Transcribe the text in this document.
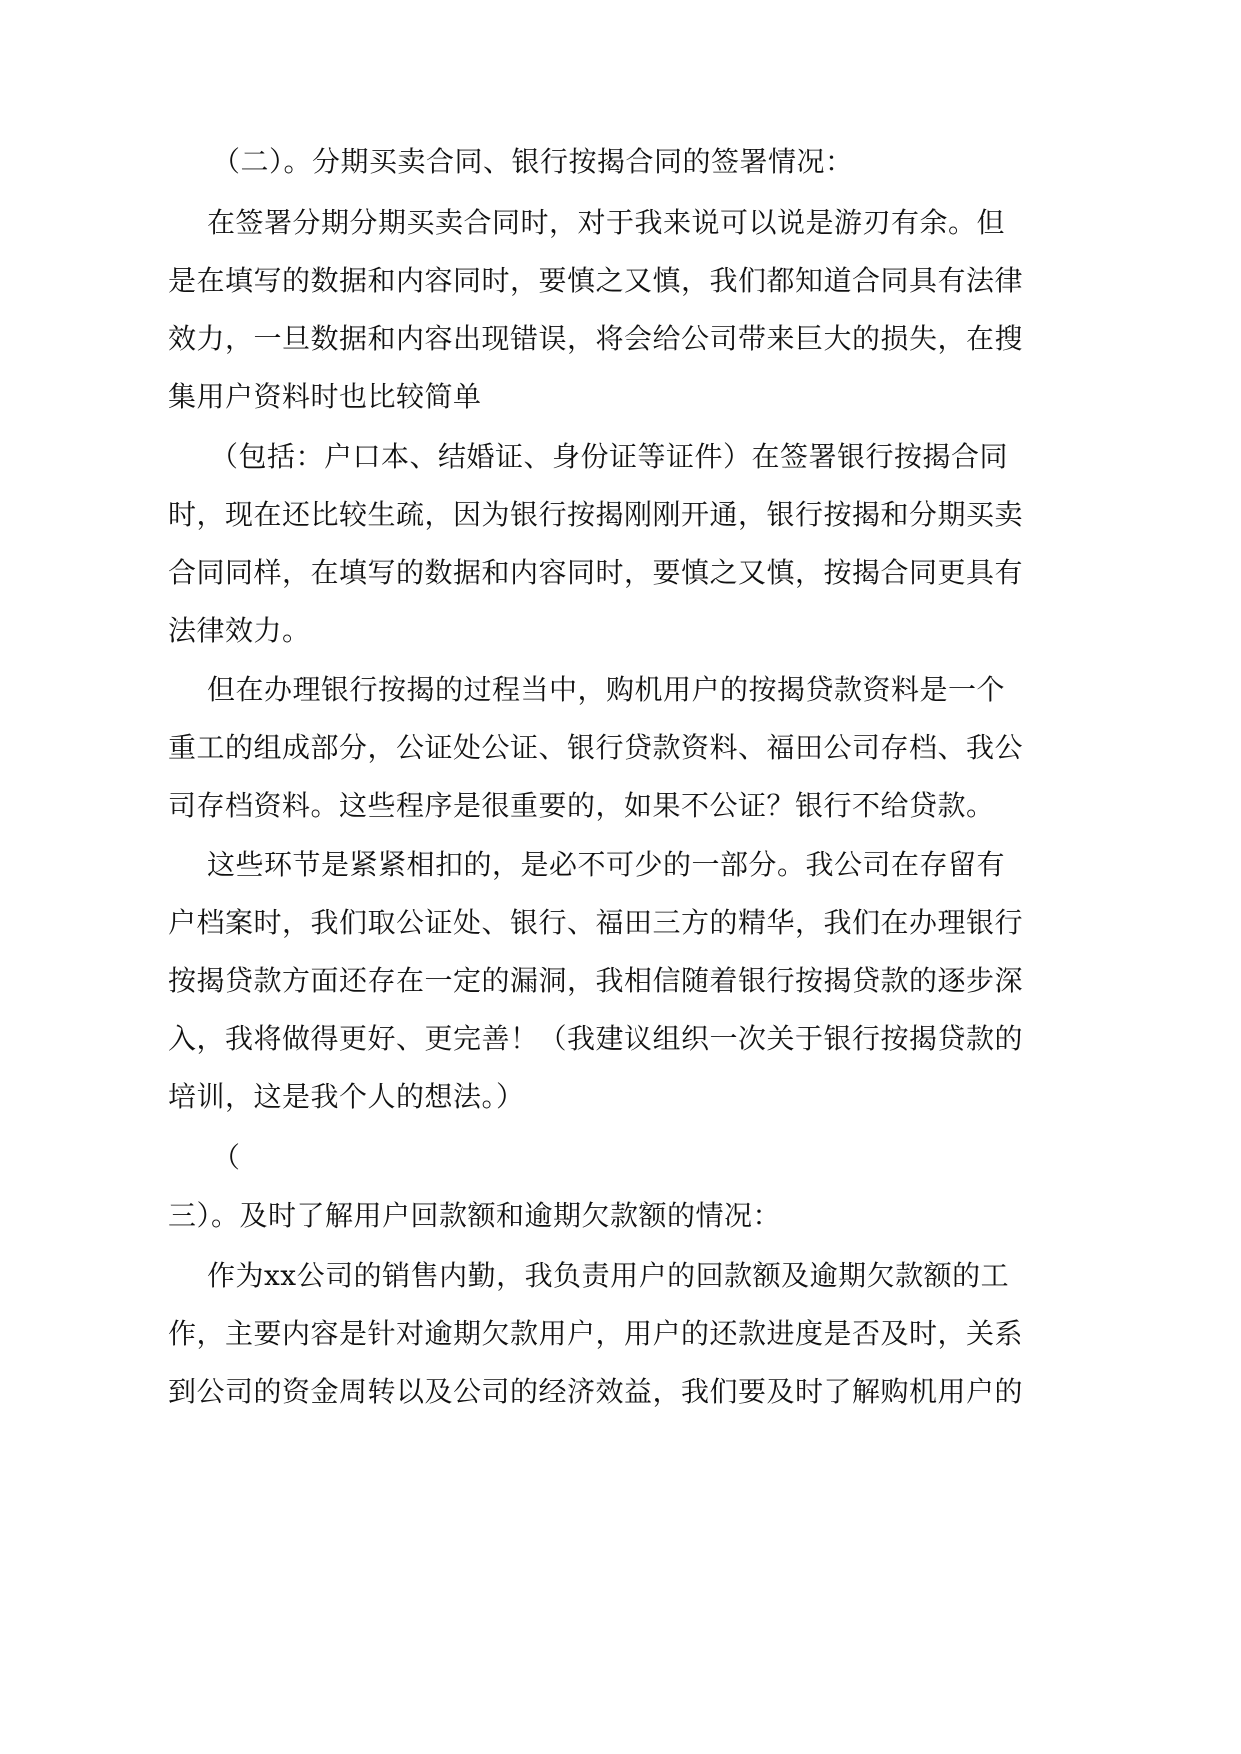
（二）。分期买卖合同、银行按揭合同的签署情况：
在签署分期分期买卖合同时，对于我来说可以说是游刃有余。但
是在填写的数据和内容同时，要慎之又慎，我们都知道合同具有法律
效力，一旦数据和内容出现错误，将会给公司带来巨大的损失，在搜
集用户资料时也比较简单
（包括：户口本、结婚证、身份证等证件）在签署银行按揭合同
时，现在还比较生疏，因为银行按揭刚刚开通，银行按揭和分期买卖
合同同样，在填写的数据和内容同时，要慎之又慎，按揭合同更具有
法律效力。
但在办理银行按揭的过程当中，购机用户的按揭贷款资料是一个
重工的组成部分，公证处公证、银行贷款资料、福田公司存档、我公
司存档资料。这些程序是很重要的，如果不公证？银行不给贷款。
这些环节是紧紧相扣的，是必不可少的一部分。我公司在存留有
户档案时，我们取公证处、银行、福田三方的精华，我们在办理银行
按揭贷款方面还存在一定的漏洞，我相信随着银行按揭贷款的逐步深
入，我将做得更好、更完善！（我建议组织一次关于银行按揭贷款的
培训，这是我个人的想法。）
（
三）。及时了解用户回款额和逾期欠款额的情况：
作为xx公司的销售内勤，我负责用户的回款额及逾期欠款额的工
作，主要内容是针对逾期欠款用户，用户的还款进度是否及时，关系
到公司的资金周转以及公司的经济效益，我们要及时了解购机用户的
